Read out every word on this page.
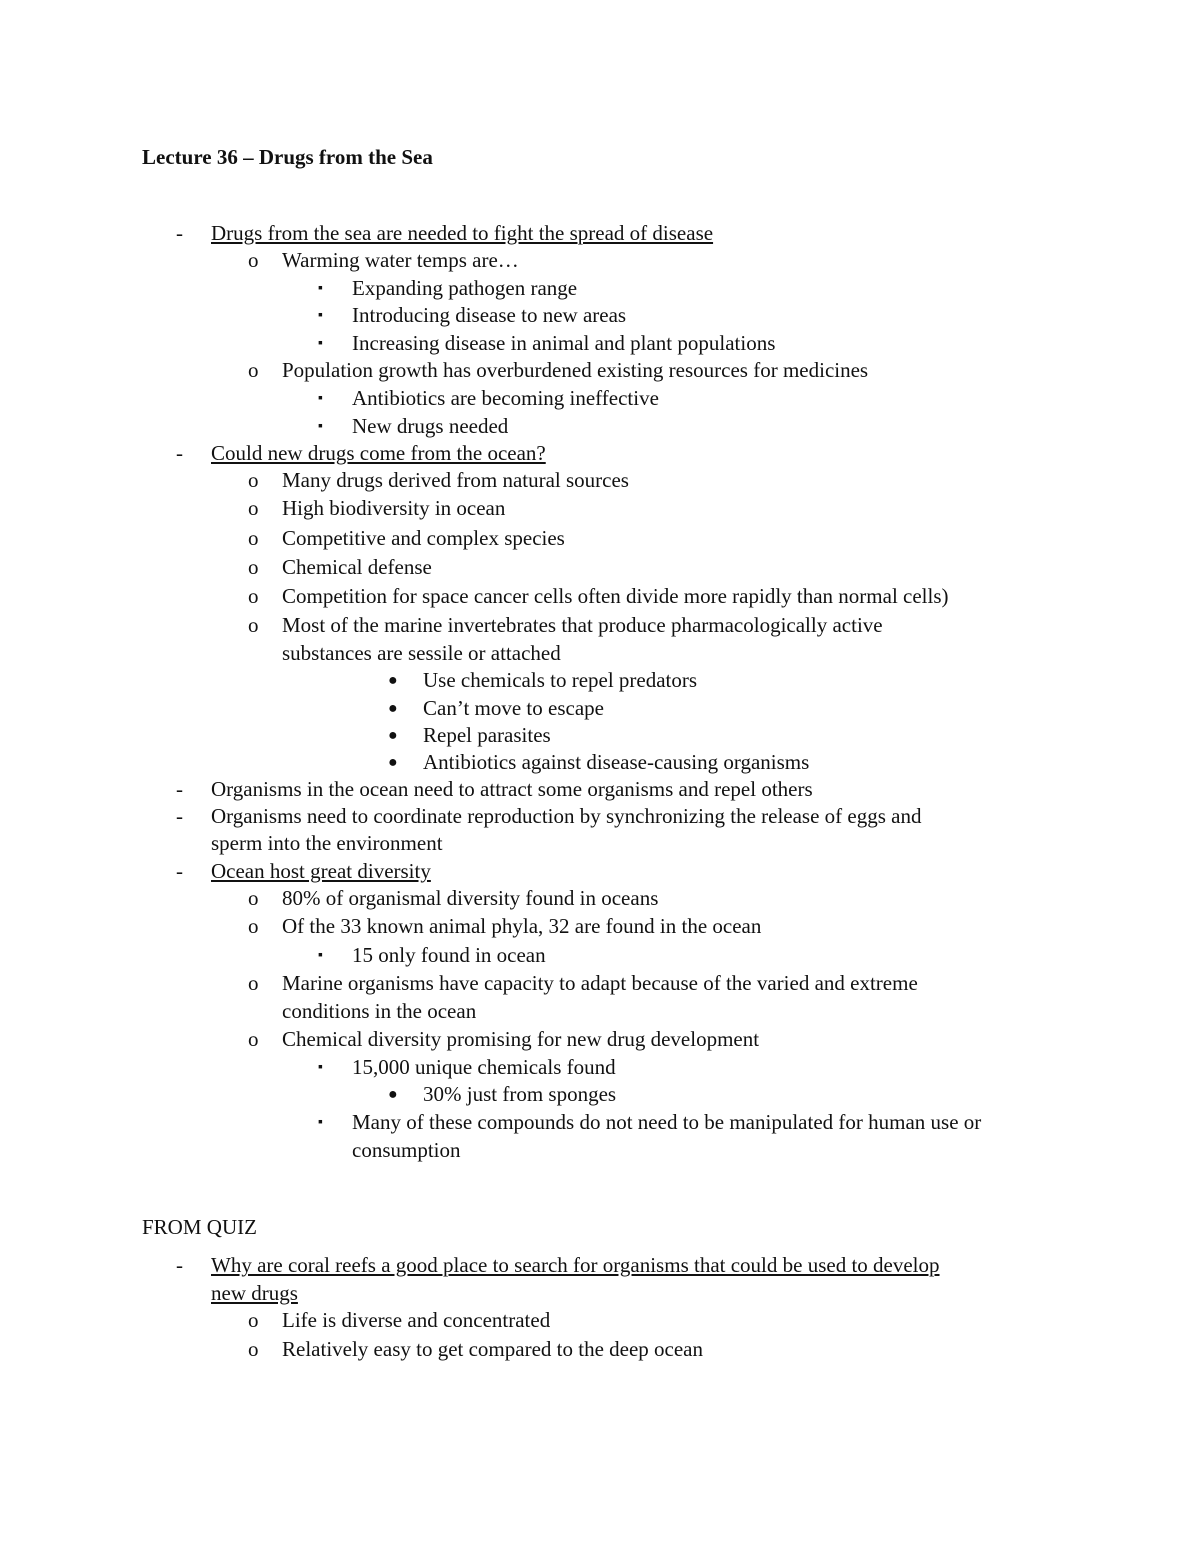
Lecture 36 – Drugs from the Sea
- Drugs from the sea are needed to fight the spread of disease
o Warming water temps are…
▪ Expanding pathogen range
▪ Introducing disease to new areas
▪ Increasing disease in animal and plant populations
o Population growth has overburdened existing resources for medicines
▪ Antibiotics are becoming ineffective
▪ New drugs needed
- Could new drugs come from the ocean?
o Many drugs derived from natural sources
o High biodiversity in ocean
o Competitive and complex species
o Chemical defense
o Competition for space cancer cells often divide more rapidly than normal cells)
o Most of the marine invertebrates that produce pharmacologically active
substances are sessile or attached
● Use chemicals to repel predators
● Can’t move to escape
● Repel parasites
● Antibiotics against disease-causing organisms
- Organisms in the ocean need to attract some organisms and repel others
- Organisms need to coordinate reproduction by synchronizing the release of eggs and
sperm into the environment
- Ocean host great diversity
o 80% of organismal diversity found in oceans
o Of the 33 known animal phyla, 32 are found in the ocean
▪ 15 only found in ocean
o Marine organisms have capacity to adapt because of the varied and extreme
conditions in the ocean
o Chemical diversity promising for new drug development
▪ 15,000 unique chemicals found
● 30% just from sponges
▪ Many of these compounds do not need to be manipulated for human use or
consumption
FROM QUIZ
- Why are coral reefs a good place to search for organisms that could be used to develop
new drugs
o Life is diverse and concentrated
o Relatively easy to get compared to the deep ocean
